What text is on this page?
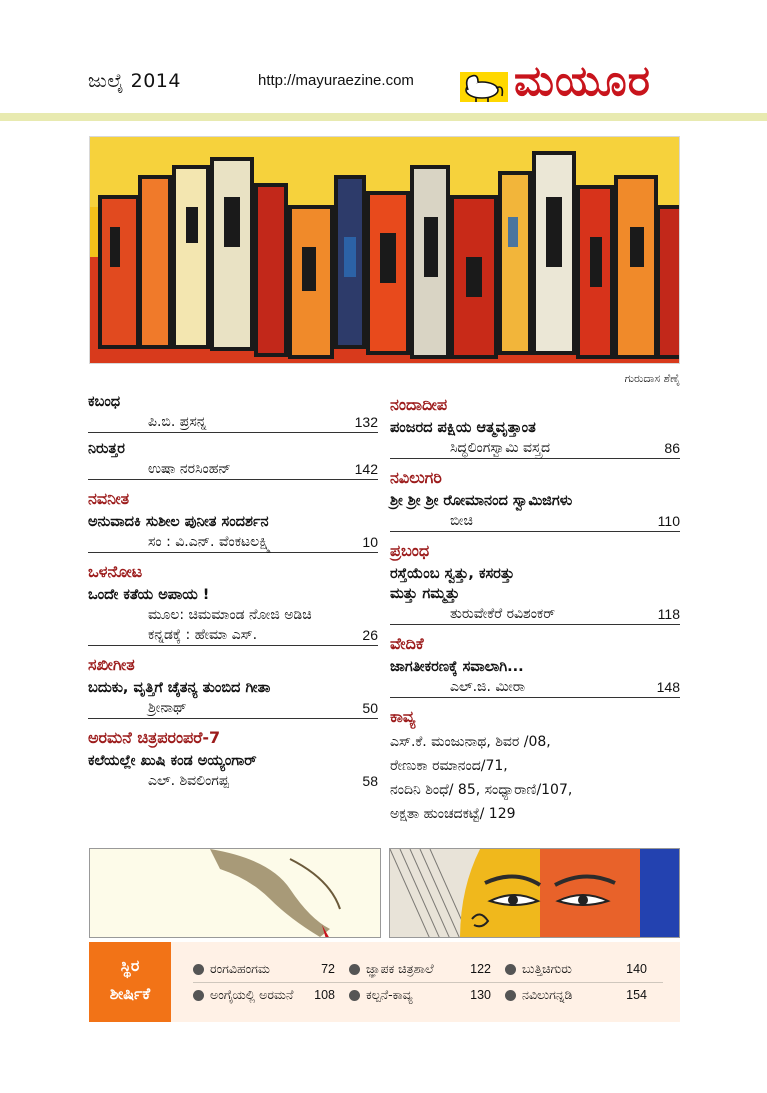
ಜುಲೈ 2014	http://mayuraezine.com ಮಯೂರ
ಗುರುದಾಸ ಶೆಣೈ
ಕಬಂಧ
ಪಿ.ಬಿ. ಪ್ರಸನ್ನ	132
ನಿರುತ್ತರ
ಉಷಾ ನರಸಿಂಹನ್	142
ನವನೀತ
ಅನುವಾದಕಿ ಸುಶೀಲ ಪುನೀತ ಸಂದರ್ಶನ
ಸಂ : ವಿ.ಎನ್. ವೆಂಕಟಲಕ್ಷ್ಮಿ	10
ಒಳನೋಟ
ಒಂದೇ ಕತೆಯ ಅಪಾಯ !
ಮೂಲ: ಚಿಮಮಾಂಡ ನೋಜಿ ಅಡಿಚಿ
ಕನ್ನಡಕ್ಕೆ : ಹೇಮಾ ಎಸ್.	26
ಸಖೀಗೀತ
ಬದುಕು, ವೃತ್ತಿಗೆ ಚೈತನ್ಯ ತುಂಬಿದ ಗೀತಾ
ಶ್ರೀನಾಥ್	50
ಅರಮನೆ ಚಿತ್ರಪರಂಪರೆ-7
ಕಲೆಯಲ್ಲೇ ಖುಷಿ ಕಂಡ ಅಯ್ಯಂಗಾರ್
ಎಲ್. ಶಿವಲಿಂಗಪ್ಪ	58
ನಂದಾದೀಪ
ಪಂಜರದ ಪಕ್ಷಿಯ ಆತ್ಮವೃತ್ತಾಂತ
ಸಿದ್ಧಲಿಂಗಸ್ವಾಮಿ ವಸ್ತ್ರದ	86
ನವಿಲುಗರಿ
ಶ್ರೀ ಶ್ರೀ ಶ್ರೀ ರೋಮಾನಂದ ಸ್ವಾಮಿಜಿಗಳು
ಬೀಚಿ	110
ಪ್ರಬಂಧ
ರಸ್ತೆಯೆಂಬ ಸ್ವತ್ತು, ಕಸರತ್ತು
ಮತ್ತು ಗಮ್ಮತ್ತು
ತುರುವೇಕೆರೆ ರವಿಶಂಕರ್	118
ವೇದಿಕೆ
ಜಾಗತೀಕರಣಕ್ಕೆ ಸವಾಲಾಗಿ...
ಎಲ್.ಜಿ. ಮೀರಾ	148
ಕಾವ್ಯ
ಎಸ್.ಕೆ. ಮಂಜುನಾಥ, ಶಿವರ /08,
ರೇಣುಕಾ ರಮಾನಂದ/71,
ನಂದಿನಿ ಶಿಂಧೆ/ 85, ಸಂಧ್ಯಾರಾಣಿ/107,
ಅಕ್ಷತಾ ಹುಂಚದಕಟ್ಟೆ/ 129
ಸ್ಥಿರ
ಶೀರ್ಷಿಕೆ
ರಂಗವಿಹಂಗಮ	72 ಜ್ಞಾಪಕ ಚಿತ್ರಶಾಲೆ	122 ಬುತ್ತಿಚಿಗುರು	140
ಅಂಗೈಯಲ್ಲಿ ಅರಮನೆ	108 ಕಲ್ಪನೆ-ಕಾವ್ಯ	130 ನವಿಲುಗನ್ನಡಿ	154
